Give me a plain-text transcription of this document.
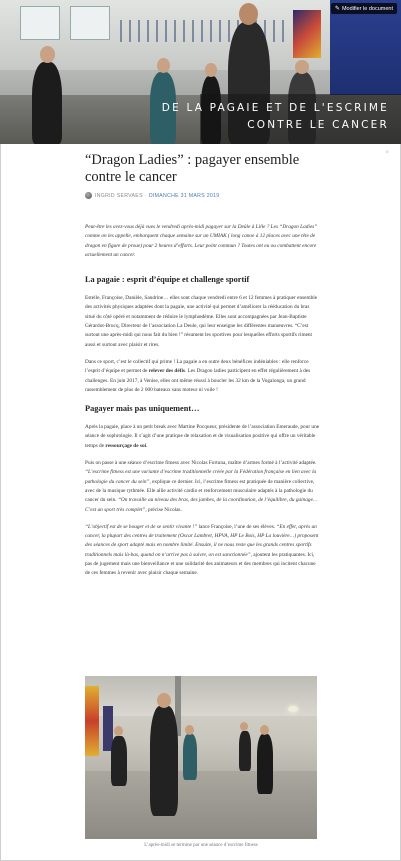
DE LA PAGAIE ET DE L'ESCRIME
CONTRE LE CANCER
✎ Modifier le document
×
“Dragon Ladies” : pagayer ensemble contre le cancer
INGRID SERVAES · DIMANCHE 31 MARS 2019

Peut-être les avez-vous déjà vues le vendredi après-midi pagayer sur la Deûle à Lille ? Les “Dragon Ladies” comme on les appelle, embarquent chaque semaine sur un UMIAK ( long canoe à 12 places avec une tête de dragon en figure de proue) pour 2 heures d’efforts. Leur point commun ? Toutes ont eu ou combattent encore actuellement un cancer.

La pagaie : esprit d’équipe et challenge sportif

Estelle, Françoise, Danièle, Sandrine… elles sont chaque vendredi entre 6 et 12 femmes à pratiquer ensemble des activités physiques adaptées dont la pagaie, une activité qui permet d’améliorer la rééducation du bras situé du côté opéré et notamment de réduire le lymphœdème. Elles sont accompagnées par Jean-Baptiste Gérardot-Brucq, Directeur de l’association La Deule, qui leur enseigne les différentes manœuvres. “C’est surtout une après-midi qui nous fait du bien !” résument les sportives pour lesquelles efforts sportifs riment aussi et surtout avec plaisir et rires.

Dans ce sport, c’est le collectif qui prime ! La pagaie a en outre deux bénéfices indéniables : elle renforce l’esprit d’équipe et permet de relever des défis. Les Dragon ladies participent en effet régulièrement à des challenges. En juin 2017, à Venise, elles ont même réussi à boucler les 32 km de la Vogalonga, un grand rassemblement de plus de 2 000 bateaux sans moteur ni voile !

Pagayer mais pas uniquement…

Après la pagaie, place à un petit break avec Martine Pocqueur, présidente de l’association Emeraude, pour une séance de sophrologie. Il s’agit d’une pratique de relaxation et de visualisation positive qui offre un véritable temps de ressourçage de soi.

Puis on passe à une séance d’escrime fitness avec Nicolas Fortuna, maître d’armes formé à l’activité adaptée. “L’escrime fitness est une variante d’escrime traditionnelle créée par la Fédération française en lien avec la pathologie du cancer du sein”, explique ce dernier. Ici, l’escrime fitness est pratiquée de manière collective, avec de la musique rythmée. Elle allie activité cardio et renforcement musculaire adaptés à la pathologie du cancer du sein. “On travaille au niveau des bras, des jambes, de la coordination, de l’équilibre, du gainage… C’est un sport très complet”, précise Nicolas.

“L’objectif est de se bouger et de se sentir vivante !” lance Françoise, l’une de ses élèves. “En effet, après un cancer, la plupart des centres de traitement (Oscar Lambret, HPVA, HP Le Bois, HP La louvière…) proposent des séances de sport adapté mais en nombre limité. Ensuite, il ne nous reste que les grands centres sportifs traditionnels mais là-bas, quand on n’arrive pas à suivre, on est sanctionnée”, ajoutent les pratiquantes. Ici, pas de jugement mais une bienveillance et une solidarité des animateurs et des membres qui incitent chacune de ces femmes à revenir avec plaisir chaque semaine.

L’après-midi se termine par une séance d’escrime fitness
